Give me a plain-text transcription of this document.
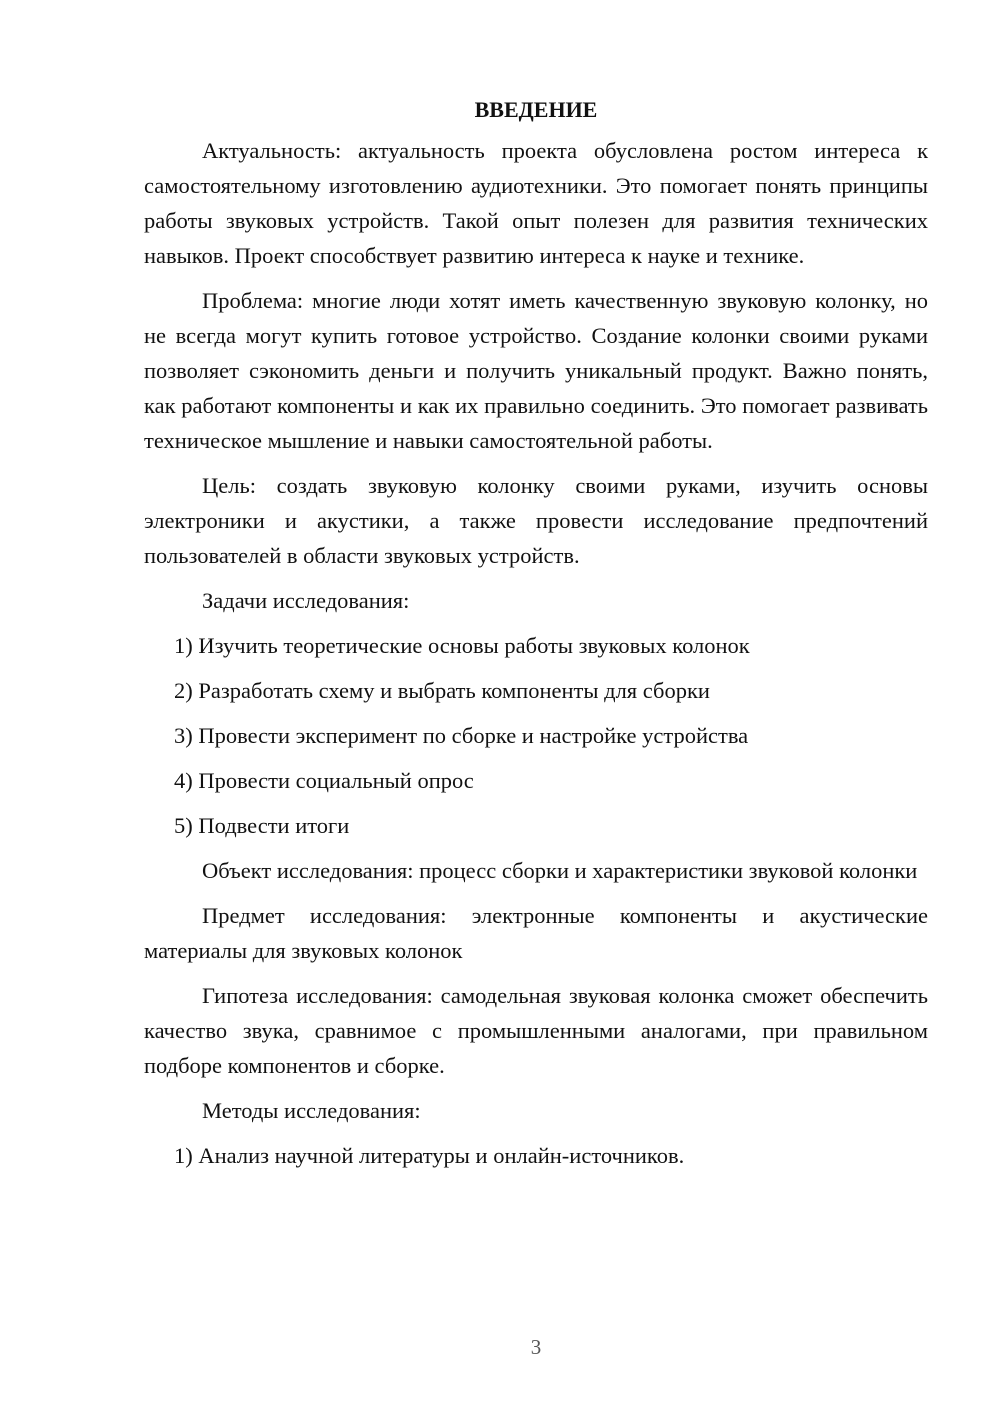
ВВЕДЕНИЕ

Актуальность: актуальность проекта обусловлена ростом интереса к самостоятельному изготовлению аудиотехники. Это помогает понять принципы работы звуковых устройств. Такой опыт полезен для развития технических навыков. Проект способствует развитию интереса к науке и технике.

Проблема: многие люди хотят иметь качественную звуковую колонку, но не всегда могут купить готовое устройство. Создание колонки своими руками позволяет сэкономить деньги и получить уникальный продукт. Важно понять, как работают компоненты и как их правильно соединить. Это помогает развивать техническое мышление и навыки самостоятельной работы.

Цель: создать звуковую колонку своими руками, изучить основы электроники и акустики, а также провести исследование предпочтений пользователей в области звуковых устройств.

Задачи исследования:

1) Изучить теоретические основы работы звуковых колонок
2) Разработать схему и выбрать компоненты для сборки
3) Провести эксперимент по сборке и настройке устройства
4) Провести социальный опрос
5) Подвести итоги

Объект исследования: процесс сборки и характеристики звуковой колонки

Предмет исследования: электронные компоненты и акустические материалы для звуковых колонок

Гипотеза исследования: самодельная звуковая колонка сможет обеспечить качество звука, сравнимое с промышленными аналогами, при правильном подборе компонентов и сборке.

Методы исследования:

1) Анализ научной литературы и онлайн-источников.
3
